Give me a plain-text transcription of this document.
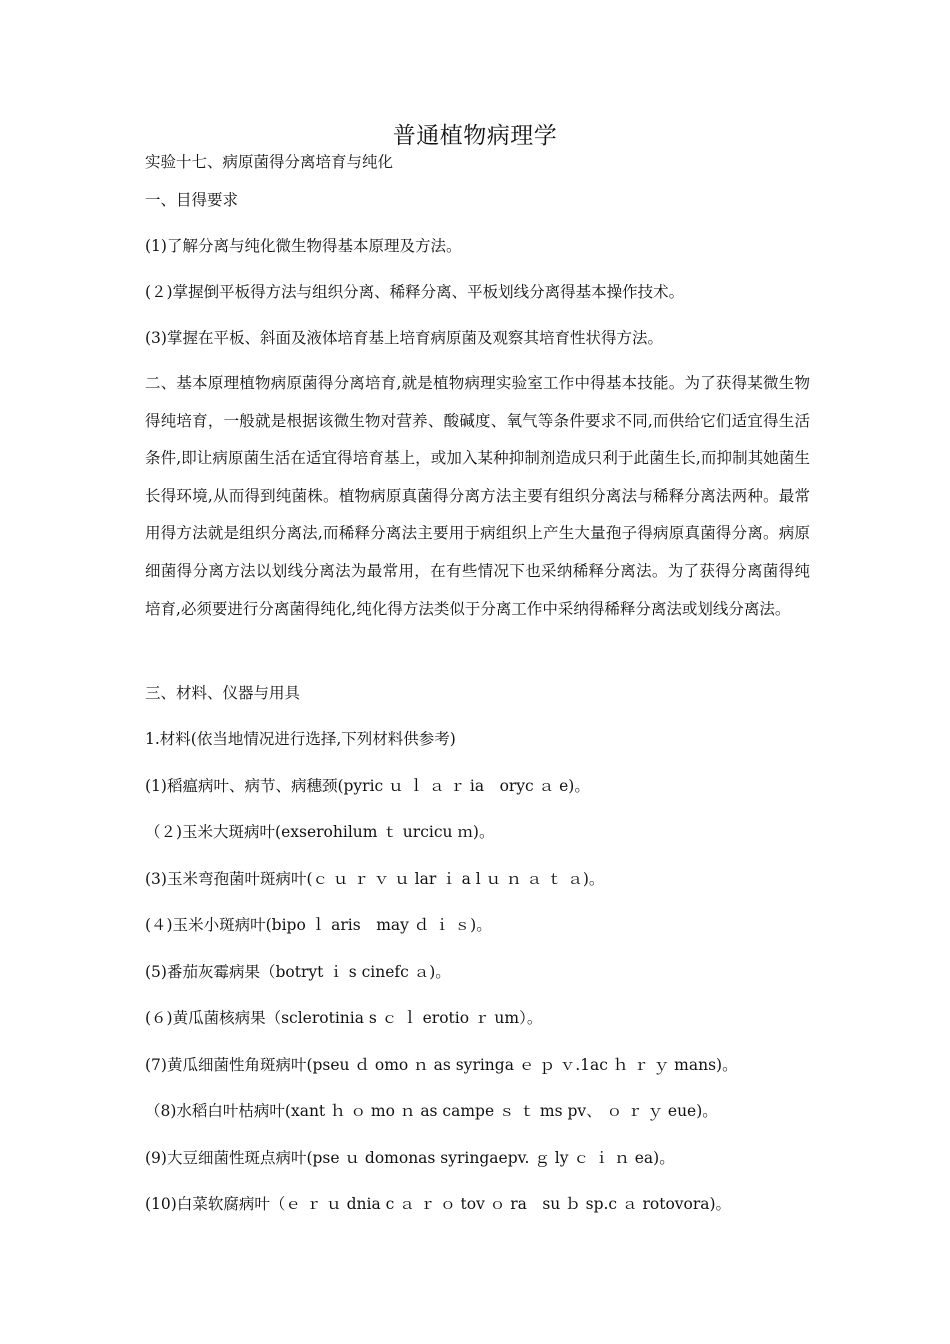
普通植物病理学
实验十七、病原菌得分离培育与纯化
一、目得要求
(1)了解分离与纯化微生物得基本原理及方法。
(２)掌握倒平板得方法与组织分离、稀释分离、平板划线分离得基本操作技术。
(3)掌握在平板、斜面及液体培育基上培育病原菌及观察其培育性状得方法。
二、基本原理植物病原菌得分离培育,就是植物病理实验室工作中得基本技能。为了获得某微生物得纯培育，一般就是根据该微生物对营养、酸碱度、氧气等条件要求不同,而供给它们适宜得生活条件,即让病原菌生活在适宜得培育基上，或加入某种抑制剂造成只利于此菌生长,而抑制其她菌生长得环境,从而得到纯菌株。植物病原真菌得分离方法主要有组织分离法与稀释分离法两种。最常用得方法就是组织分离法,而稀释分离法主要用于病组织上产生大量孢子得病原真菌得分离。病原细菌得分离方法以划线分离法为最常用，在有些情况下也采纳稀释分离法。为了获得分离菌得纯培育,必须要进行分离菌得纯化,纯化得方法类似于分离工作中采纳得稀释分离法或划线分离法。
三、材料、仪器与用具
1.材料(依当地情况进行选择,下列材料供参考)
(1)稻瘟病叶、病节、病穗颈(pyric ｕ ｌ ａ ｒ ia　oryc ａ e)。
（２)玉米大斑病叶(exserohilum ｔ urcicu ｍ)。
(3)玉米弯孢菌叶斑病叶(ｃ ｕ ｒ ｖ ｕ lar ｉ a l ｕ ｎ ａ ｔ ａ)。
(４)玉米小斑病叶(bipo ｌ aris　may ｄ ｉ ｓ)。
(5)番茄灰霉病果（botryt ｉ s cinefc ａ)。
(６)黄瓜菌核病果（sclerotinia s ｃ ｌ erotio ｒ um）。
(7)黄瓜细菌性角斑病叶(pseu ｄ omo ｎ as syringa ｅ ｐ ｖ.1ac ｈ ｒ ｙ mans)。
（8)水稻白叶枯病叶(xant ｈ ｏ mo ｎ as campe ｓ ｔ ms pv、 ｏ ｒ ｙ eue)。
(9)大豆细菌性斑点病叶(pse ｕ domonas syringaepv. ｇ ly ｃ ｉ ｎ ea)。
(10)白菜软腐病叶（ｅ ｒ ｕ dnia c ａ ｒ ｏ tov ｏ ra　su ｂ sp.c ａ rotovora)。
